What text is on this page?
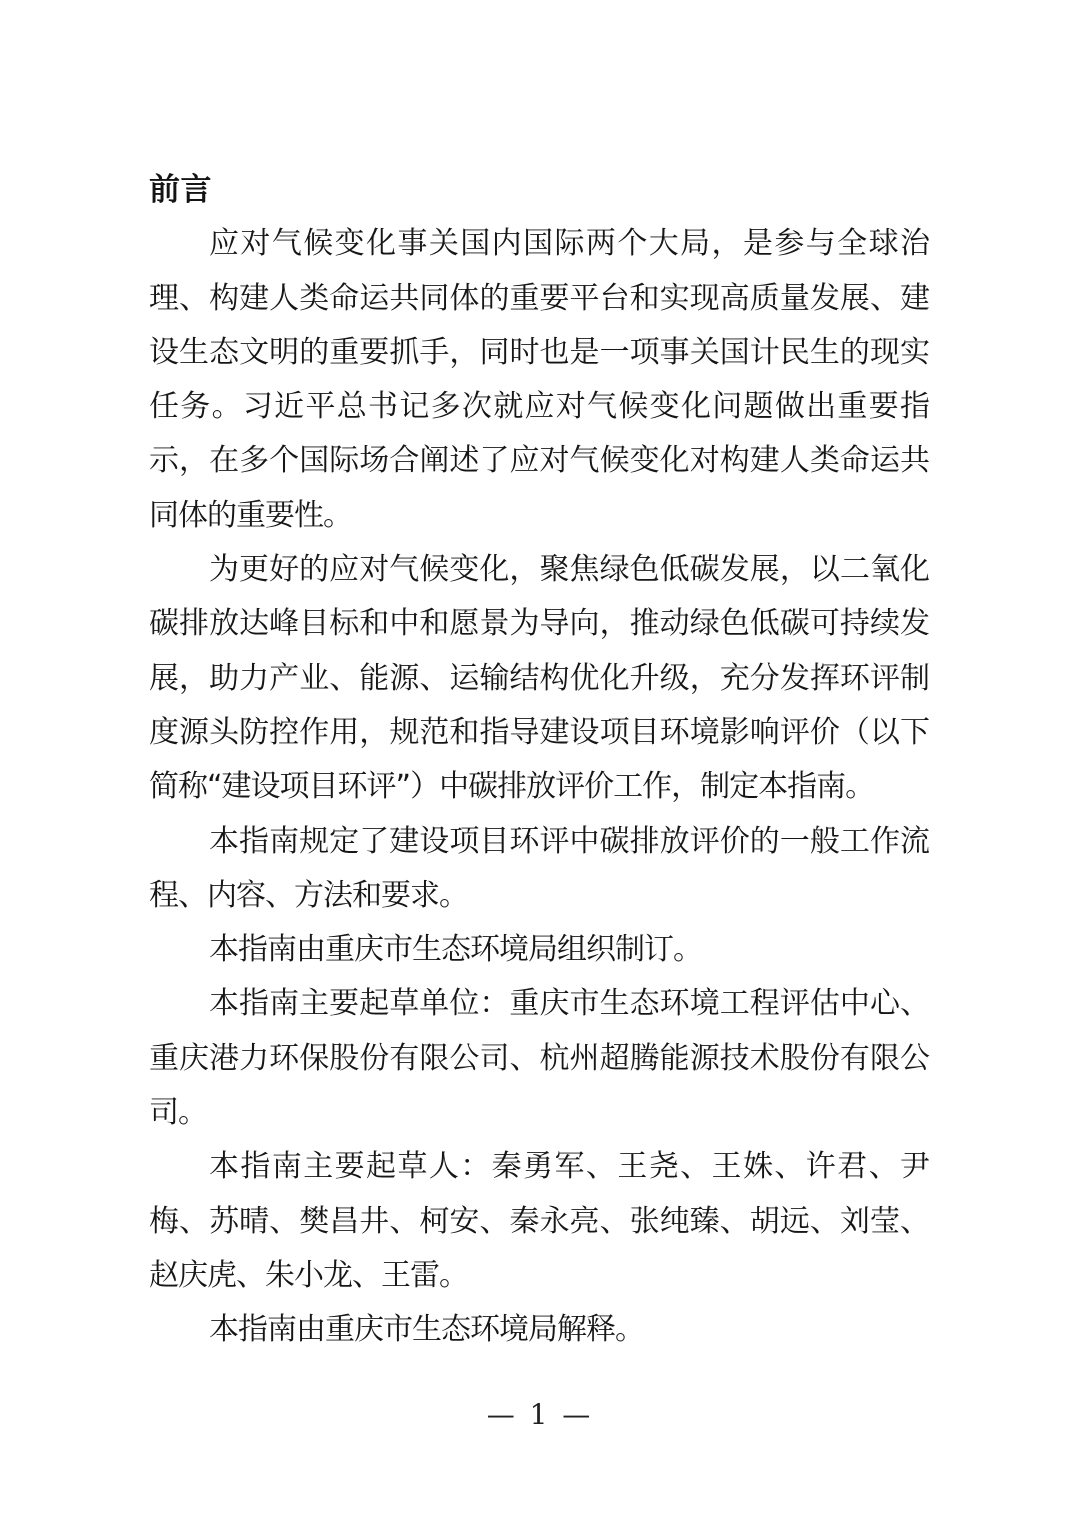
前言

应对气候变化事关国内国际两个大局，是参与全球治理、构建人类命运共同体的重要平台和实现高质量发展、建设生态文明的重要抓手，同时也是一项事关国计民生的现实任务。习近平总书记多次就应对气候变化问题做出重要指示，在多个国际场合阐述了应对气候变化对构建人类命运共同体的重要性。

为更好的应对气候变化，聚焦绿色低碳发展，以二氧化碳排放达峰目标和中和愿景为导向，推动绿色低碳可持续发展，助力产业、能源、运输结构优化升级，充分发挥环评制度源头防控作用，规范和指导建设项目环境影响评价（以下简称“建设项目环评”）中碳排放评价工作，制定本指南。

本指南规定了建设项目环评中碳排放评价的一般工作流程、内容、方法和要求。

本指南由重庆市生态环境局组织制订。

本指南主要起草单位：重庆市生态环境工程评估中心、重庆港力环保股份有限公司、杭州超腾能源技术股份有限公司。

本指南主要起草人：秦勇军、王尧、王姝、许君、尹梅、苏晴、樊昌井、柯安、秦永亮、张纯臻、胡远、刘莹、赵庆虎、朱小龙、王雷。

本指南由重庆市生态环境局解释。

— 1 —
